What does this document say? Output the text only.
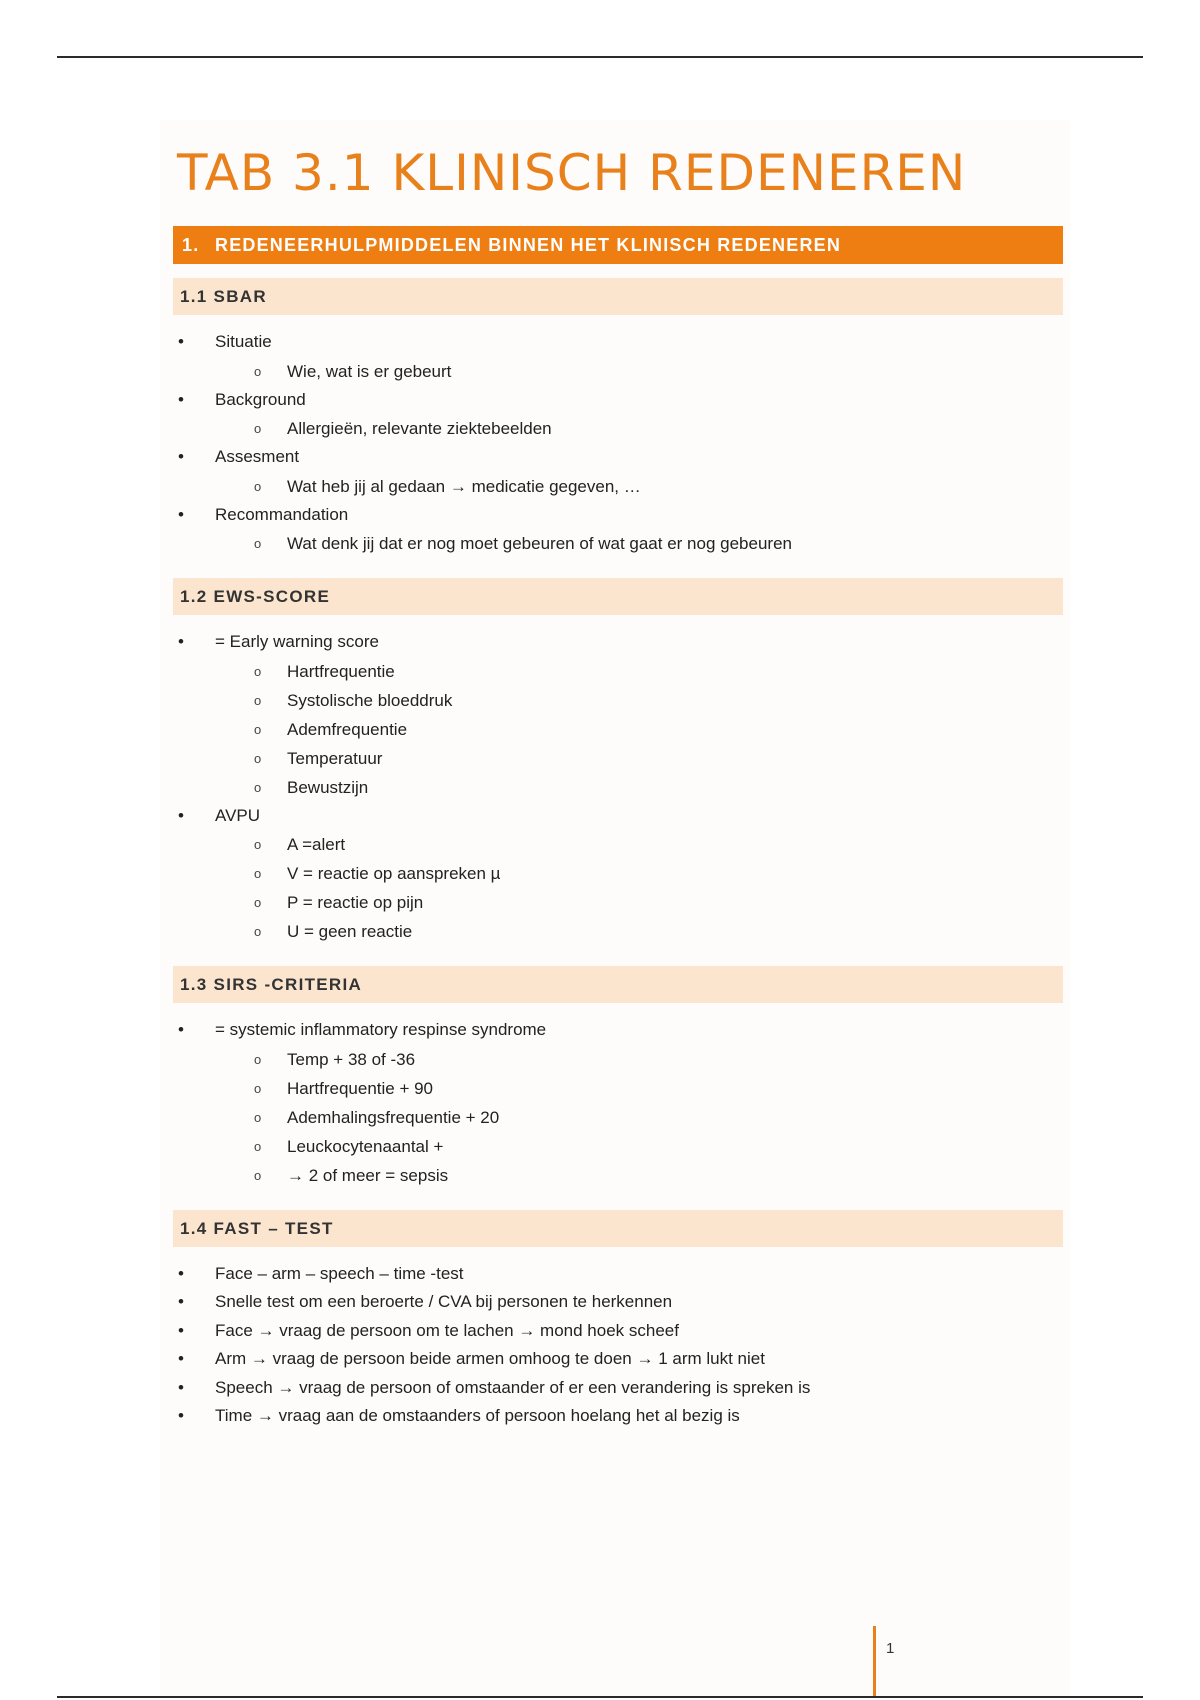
TAB 3.1 KLINISCH REDENEREN
1. REDENEERHULPMIDDELEN BINNEN HET KLINISCH REDENEREN
1.1 SBAR
• Situatie
o Wie, wat is er gebeurt
• Background
o Allergieën, relevante ziektebeelden
• Assesment
o Wat heb jij al gedaan → medicatie gegeven, …
• Recommandation
o Wat denk jij dat er nog moet gebeuren of wat gaat er nog gebeuren
1.2 EWS-SCORE
• = Early warning score
o Hartfrequentie
o Systolische bloeddruk
o Ademfrequentie
o Temperatuur
o Bewustzijn
• AVPU
o A =alert
o V = reactie op aanspreken µ
o P = reactie op pijn
o U = geen reactie
1.3 SIRS -CRITERIA
• = systemic inflammatory respinse syndrome
o Temp + 38 of -36
o Hartfrequentie + 90
o Ademhalingsfrequentie + 20
o Leuckocytenaantal +
o → 2 of meer = sepsis
1.4 FAST – TEST
• Face – arm – speech – time -test
• Snelle test om een beroerte / CVA bij personen te herkennen
• Face → vraag de persoon om te lachen → mond hoek scheef
• Arm → vraag de persoon beide armen omhoog te doen → 1 arm lukt niet
• Speech → vraag de persoon of omstaander of er een verandering is spreken is
• Time → vraag aan de omstaanders of persoon hoelang het al bezig is
1
